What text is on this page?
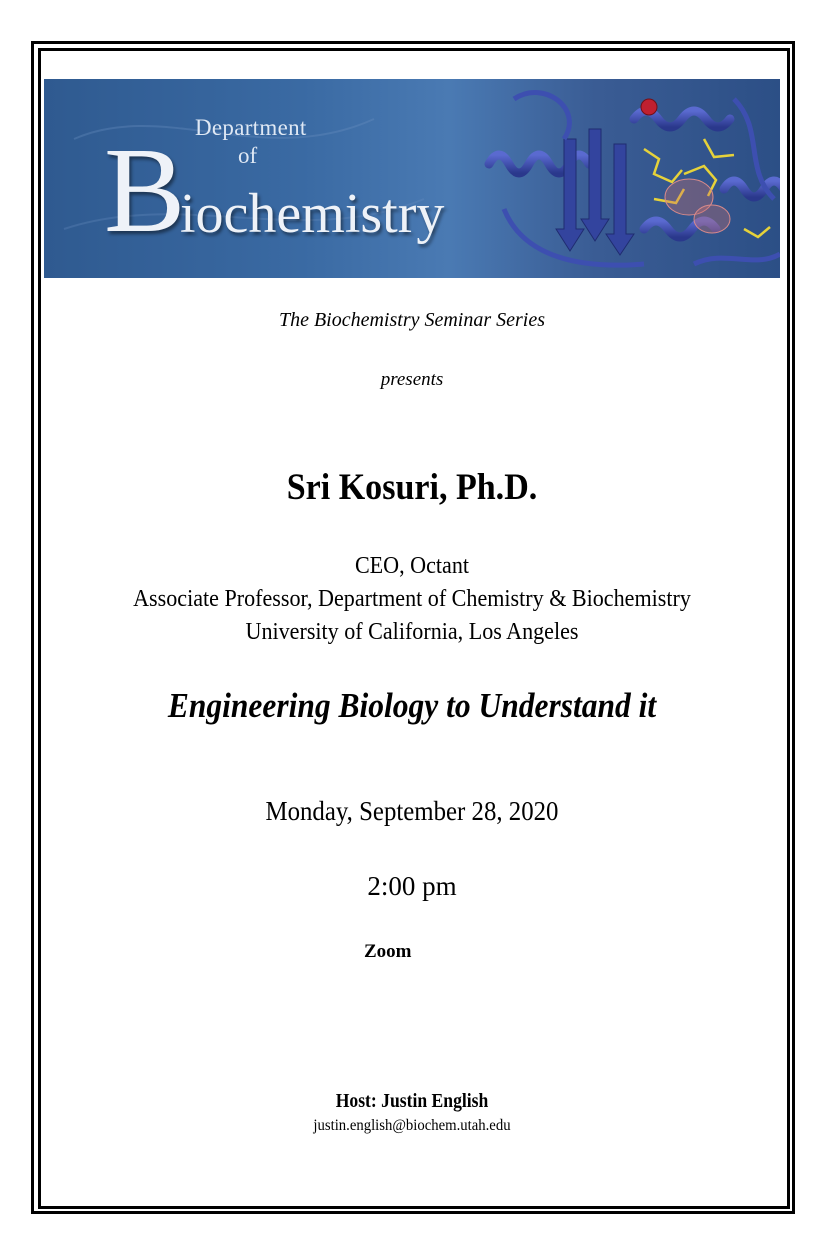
Department
of
B
iochemistry
The Biochemistry Seminar Series
presents
Sri Kosuri, Ph.D.
CEO, Octant
Associate Professor, Department of Chemistry & Biochemistry
University of California, Los Angeles
Engineering Biology to Understand it
Monday, September 28, 2020
2:00 pm
Zoom
Host: Justin English
justin.english@biochem.utah.edu
